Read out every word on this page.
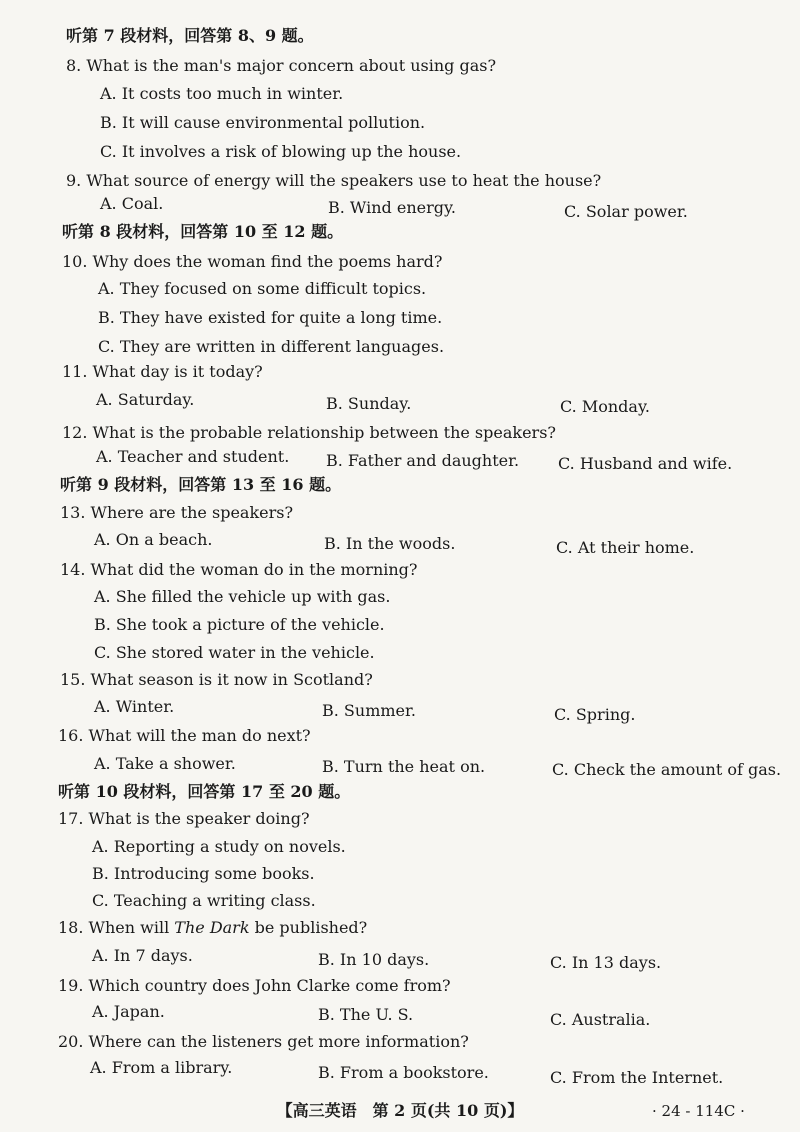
听第 7 段材料，回答第 8、9 题。
8. What is the man's major concern about using gas?
A. It costs too much in winter.
B. It will cause environmental pollution.
C. It involves a risk of blowing up the house.
9. What source of energy will the speakers use to heat the house?
A. Coal.	B. Wind energy.	C. Solar power.
听第 8 段材料，回答第 10 至 12 题。
10. Why does the woman find the poems hard?
A. They focused on some difficult topics.
B. They have existed for quite a long time.
C. They are written in different languages.
11. What day is it today?
A. Saturday.	B. Sunday.	C. Monday.
12. What is the probable relationship between the speakers?
A. Teacher and student. B. Father and daughter. C. Husband and wife.
听第 9 段材料，回答第 13 至 16 题。
13. Where are the speakers?
A. On a beach.	B. In the woods.	C. At their home.
14. What did the woman do in the morning?
A. She filled the vehicle up with gas.
B. She took a picture of the vehicle.
C. She stored water in the vehicle.
15. What season is it now in Scotland?
A. Winter.	B. Summer.	C. Spring.
16. What will the man do next?
A. Take a shower.	B. Turn the heat on.	C. Check the amount of gas.
听第 10 段材料，回答第 17 至 20 题。
17. What is the speaker doing?
A. Reporting a study on novels.
B. Introducing some books.
C. Teaching a writing class.
18. When will The Dark be published?
A. In 7 days.	B. In 10 days.	C. In 13 days.
19. Which country does John Clarke come from?
A. Japan.	B. The U. S.	C. Australia.
20. Where can the listeners get more information?
A. From a library.	B. From a bookstore.	C. From the Internet.
【高三英语　第 2 页(共 10 页)】	· 24 - 114C ·
